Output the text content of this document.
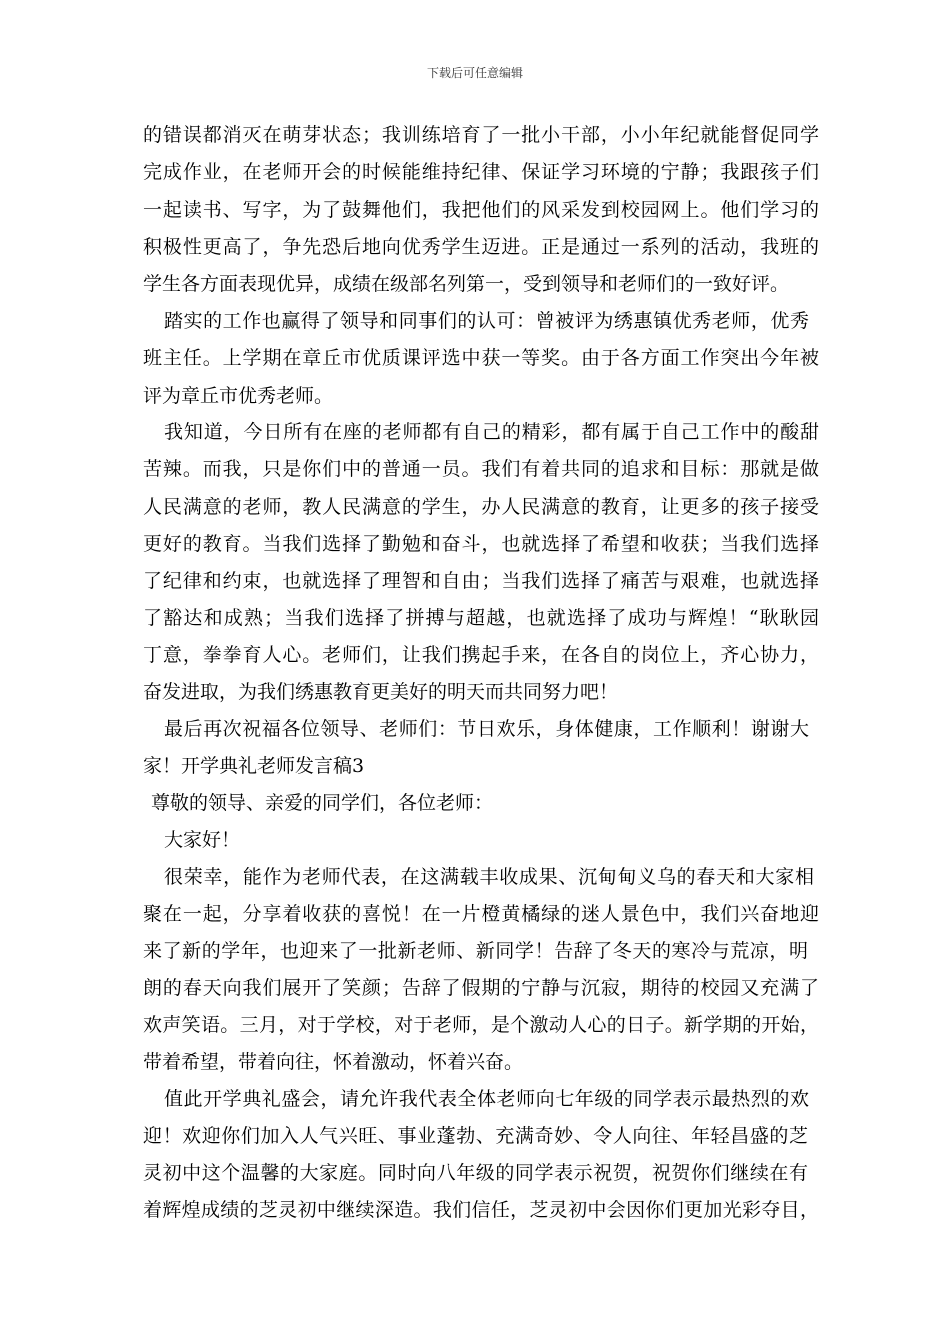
下载后可任意编辑
的错误都消灭在萌芽状态；我训练培育了一批小干部，小小年纪就能督促同学
完成作业，在老师开会的时候能维持纪律、保证学习环境的宁静；我跟孩子们
一起读书、写字，为了鼓舞他们，我把他们的风采发到校园网上。他们学习的
积极性更高了，争先恐后地向优秀学生迈进。正是通过一系列的活动，我班的
学生各方面表现优异，成绩在级部名列第一，受到领导和老师们的一致好评。
踏实的工作也赢得了领导和同事们的认可：曾被评为绣惠镇优秀老师，优秀
班主任。上学期在章丘市优质课评选中获一等奖。由于各方面工作突出今年被
评为章丘市优秀老师。
我知道，今日所有在座的老师都有自己的精彩，都有属于自己工作中的酸甜
苦辣。而我，只是你们中的普通一员。我们有着共同的追求和目标：那就是做
人民满意的老师，教人民满意的学生，办人民满意的教育，让更多的孩子接受
更好的教育。当我们选择了勤勉和奋斗，也就选择了希望和收获；当我们选择
了纪律和约束，也就选择了理智和自由；当我们选择了痛苦与艰难，也就选择
了豁达和成熟；当我们选择了拼搏与超越，也就选择了成功与辉煌！“耿耿园
丁意，拳拳育人心。老师们，让我们携起手来，在各自的岗位上，齐心协力，
奋发进取，为我们绣惠教育更美好的明天而共同努力吧！
最后再次祝福各位领导、老师们：节日欢乐，身体健康，工作顺利！谢谢大
家！开学典礼老师发言稿3
尊敬的领导、亲爱的同学们，各位老师：
大家好！
很荣幸，能作为老师代表，在这满载丰收成果、沉甸甸义乌的春天和大家相
聚在一起，分享着收获的喜悦！在一片橙黄橘绿的迷人景色中，我们兴奋地迎
来了新的学年，也迎来了一批新老师、新同学！告辞了冬天的寒冷与荒凉，明
朗的春天向我们展开了笑颜；告辞了假期的宁静与沉寂，期待的校园又充满了
欢声笑语。三月，对于学校，对于老师，是个激动人心的日子。新学期的开始，
带着希望，带着向往，怀着激动，怀着兴奋。
值此开学典礼盛会，请允许我代表全体老师向七年级的同学表示最热烈的欢
迎！欢迎你们加入人气兴旺、事业蓬勃、充满奇妙、令人向往、年轻昌盛的芝
灵初中这个温馨的大家庭。同时向八年级的同学表示祝贺，祝贺你们继续在有
着辉煌成绩的芝灵初中继续深造。我们信任，芝灵初中会因你们更加光彩夺目，
